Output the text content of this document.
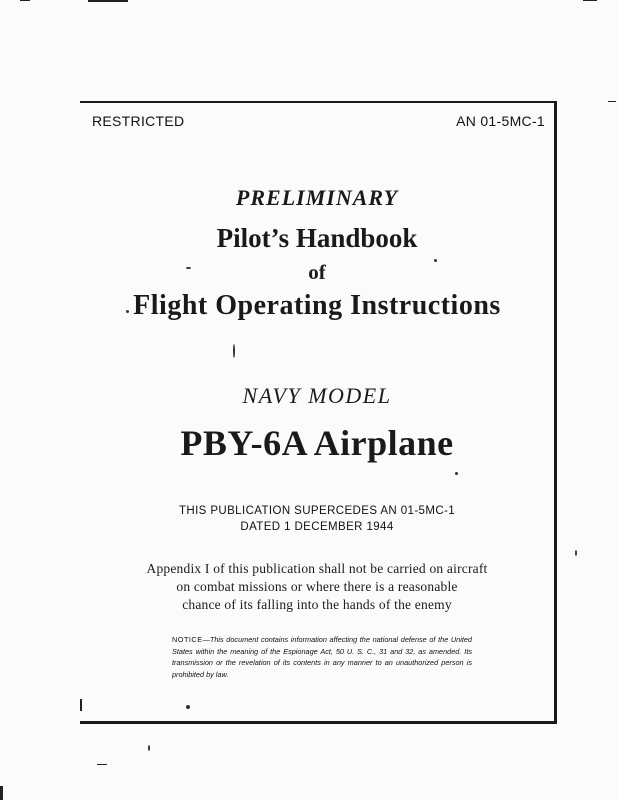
RESTRICTED	AN 01-5MC-1
PRELIMINARY
Pilot’s Handbook
of
Flight Operating Instructions
NAVY MODEL
PBY-6A Airplane
THIS PUBLICATION SUPERCEDES AN 01-5MC-1
DATED 1 DECEMBER 1944
Appendix I of this publication shall not be carried on aircraft
on combat missions or where there is a reasonable
chance of its falling into the hands of the enemy
NOTICE—This document contains information affecting the national defense of the United States within the meaning of the Espionage Act, 50 U. S. C., 31 and 32, as amended. Its transmission or the revelation of its contents in any manner to an unauthorized person is prohibited by law.
